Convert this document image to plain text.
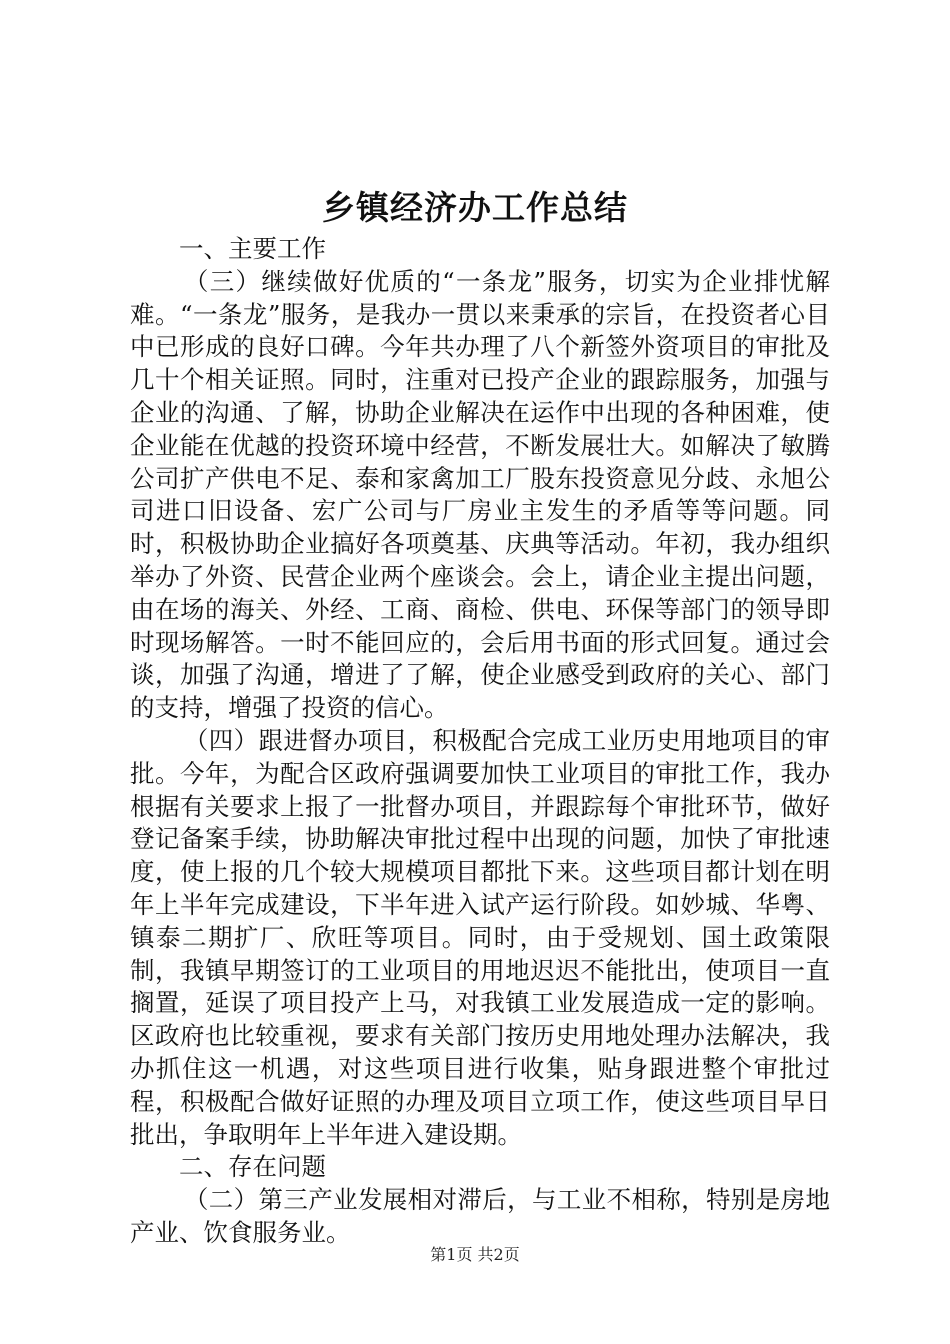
乡镇经济办工作总结

一、主要工作

（三）继续做好优质的“一条龙”服务，切实为企业排忧解难。“一条龙”服务，是我办一贯以来秉承的宗旨，在投资者心目中已形成的良好口碑。今年共办理了八个新签外资项目的审批及几十个相关证照。同时，注重对已投产企业的跟踪服务，加强与企业的沟通、了解，协助企业解决在运作中出现的各种困难，使企业能在优越的投资环境中经营，不断发展壮大。如解决了敏腾公司扩产供电不足、泰和家禽加工厂股东投资意见分歧、永旭公司进口旧设备、宏广公司与厂房业主发生的矛盾等等问题。同时，积极协助企业搞好各项奠基、庆典等活动。年初，我办组织举办了外资、民营企业两个座谈会。会上，请企业主提出问题，由在场的海关、外经、工商、商检、供电、环保等部门的领导即时现场解答。一时不能回应的，会后用书面的形式回复。通过会谈，加强了沟通，增进了了解，使企业感受到政府的关心、部门的支持，增强了投资的信心。

（四）跟进督办项目，积极配合完成工业历史用地项目的审批。今年，为配合区政府强调要加快工业项目的审批工作，我办根据有关要求上报了一批督办项目，并跟踪每个审批环节，做好登记备案手续，协助解决审批过程中出现的问题，加快了审批速度，使上报的几个较大规模项目都批下来。这些项目都计划在明年上半年完成建设，下半年进入试产运行阶段。如妙城、华粤、镇泰二期扩厂、欣旺等项目。同时，由于受规划、国土政策限制，我镇早期签订的工业项目的用地迟迟不能批出，使项目一直搁置，延误了项目投产上马，对我镇工业发展造成一定的影响。区政府也比较重视，要求有关部门按历史用地处理办法解决，我办抓住这一机遇，对这些项目进行收集，贴身跟进整个审批过程，积极配合做好证照的办理及项目立项工作，使这些项目早日批出，争取明年上半年进入建设期。

二、存在问题

（二）第三产业发展相对滞后，与工业不相称，特别是房地产业、饮食服务业。

第1页 共2页
